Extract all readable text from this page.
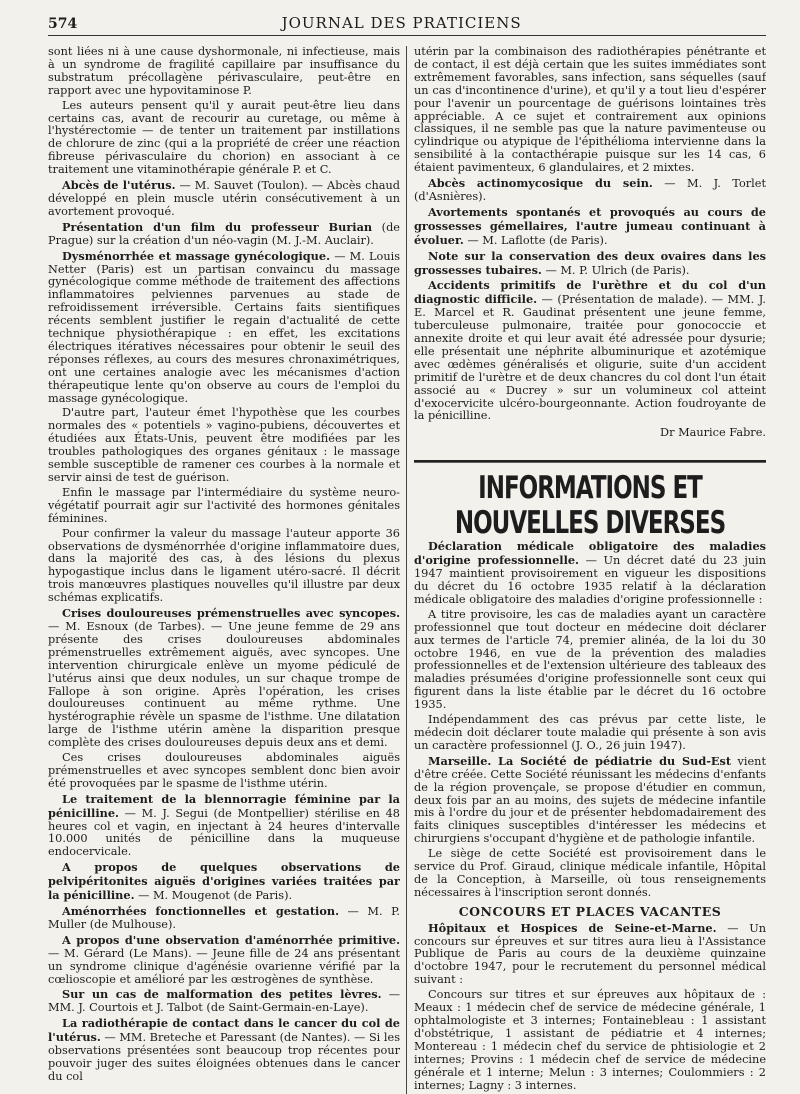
574	JOURNAL DES PRATICIENS

sont liées ni à une cause dyshormonale, ni infectieuse, mais à un syndrome de fragilité capillaire par insuffisance du substratum précollagène périvasculaire, peut-être en rapport avec une hypovitaminose P.

Les auteurs pensent qu'il y aurait peut-être lieu dans certains cas, avant de recourir au curetage, ou même à l'hystérectomie — de tenter un traitement par instillations de chlorure de zinc (qui a la propriété de créer une réaction fibreuse périvasculaire du chorion) en associant à ce traitement une vitaminothérapie générale P. et C.

Abcès de l'utérus. — M. Sauvet (Toulon). — Abcès chaud développé en plein muscle utérin consécutivement à un avortement provoqué.

Présentation d'un film du professeur Burian (de Prague) sur la création d'un néo-vagin (M. J.-M. Auclair).

Dysménorrhée et massage gynécologique. — M. Louis Netter (Paris) est un partisan convaincu du massage gynécologique comme méthode de traitement des affections inflammatoires pelviennes parvenues au stade de refroidissement irréversible. Certains faits sientifiques récents semblent justifier le regain d'actualité de cette technique physiothérapique : en effet, les excitations électriques itératives nécessaires pour obtenir le seuil des réponses réflexes, au cours des mesures chronaximétriques, ont une certaines analogie avec les mécanismes d'action thérapeutique lente qu'on observe au cours de l'emploi du massage gynécologique.

D'autre part, l'auteur émet l'hypothèse que les courbes normales des « potentiels » vagino-pubiens, découvertes et étudiées aux États-Unis, peuvent être modifiées par les troubles pathologiques des organes génitaux : le massage semble susceptible de ramener ces courbes à la normale et servir ainsi de test de guérison.

Enfin le massage par l'intermédiaire du système neuro-végétatif pourrait agir sur l'activité des hormones génitales féminines.

Pour confirmer la valeur du massage l'auteur apporte 36 observations de dysménorrhée d'origine inflammatoire dues, dans la majorité des cas, à des lésions du plexus hypogastique inclus dans le ligament utéro-sacré. Il décrit trois manœuvres plastiques nouvelles qu'il illustre par deux schémas explicatifs.

Crises douloureuses prémenstruelles avec syncopes. — M. Esnoux (de Tarbes). — Une jeune femme de 29 ans présente des crises douloureuses abdominales prémenstruelles extrêmement aiguës, avec syncopes. Une intervention chirurgicale enlève un myome pédiculé de l'utérus ainsi que deux nodules, un sur chaque trompe de Fallope à son origine. Après l'opération, les crises douloureuses continuent au même rythme. Une hystérographie révèle un spasme de l'isthme. Une dilatation large de l'isthme utérin amène la disparition presque complète des crises douloureuses depuis deux ans et demi.

Ces crises douloureuses abdominales aiguës prémenstruelles et avec syncopes semblent donc bien avoir été provoquées par le spasme de l'isthme utérin.

Le traitement de la blennorragie féminine par la pénicilline. — M. J. Segui (de Montpellier) stérilise en 48 heures col et vagin, en injectant à 24 heures d'intervalle 10.000 unités de pénicilline dans la muqueuse endocervicale.

A propos de quelques observations de pelvipéritonites aiguës d'origines variées traitées par la pénicilline. — M. Mougenot (de Paris).

Aménorrhées fonctionnelles et gestation. — M. P. Muller (de Mulhouse).

A propos d'une observation d'aménorrhée primitive. — M. Gérard (Le Mans). — Jeune fille de 24 ans présentant un syndrome clinique d'agénésie ovarienne vérifié par la cœlioscopie et amélioré par les œstrogènes de synthèse.

Sur un cas de malformation des petites lèvres. — MM. J. Courtois et J. Talbot (de Saint-Germain-en-Laye).

La radiothérapie de contact dans le cancer du col de l'utérus. — MM. Breteche et Paressant (de Nantes). — Si les observations présentées sont beaucoup trop récentes pour pouvoir juger des suites éloignées obtenues dans le cancer du col

utérin par la combinaison des radiothérapies pénétrante et de contact, il est déjà certain que les suites immédiates sont extrêmement favorables, sans infection, sans séquelles (sauf un cas d'incontinence d'urine), et qu'il y a tout lieu d'espérer pour l'avenir un pourcentage de guérisons lointaines très appréciable. A ce sujet et contrairement aux opinions classiques, il ne semble pas que la nature pavimenteuse ou cylindrique ou atypique de l'épithélioma intervienne dans la sensibilité à la contacthérapie puisque sur les 14 cas, 6 étaient pavimenteux, 6 glandulaires, et 2 mixtes.

Abcès actinomycosique du sein. — M. J. Torlet (d'Asnières).

Avortements spontanés et provoqués au cours de grossesses gémellaires, l'autre jumeau continuant à évoluer. — M. Laflotte (de Paris).

Note sur la conservation des deux ovaires dans les grossesses tubaires. — M. P. Ulrich (de Paris).

Accidents primitifs de l'urèthre et du col d'un diagnostic difficile. — (Présentation de malade). — MM. J. E. Marcel et R. Gaudinat présentent une jeune femme, tuberculeuse pulmonaire, traitée pour gonococcie et annexite droite et qui leur avait été adressée pour dysurie; elle présentait une néphrite albuminurique et azotémique avec œdèmes généralisés et oligurie, suite d'un accident primitif de l'urètre et de deux chancres du col dont l'un était associé au « Ducrey » sur un volumineux col atteint d'exocervicite ulcéro-bourgeonnante. Action foudroyante de la pénicilline.

Dr Maurice Fabre.
INFORMATIONS ET NOUVELLES DIVERSES

Déclaration médicale obligatoire des maladies d'origine professionnelle. — Un décret daté du 23 juin 1947 maintient provisoirement en vigueur les dispositions du décret du 16 octobre 1935 relatif à la déclaration médicale obligatoire des maladies d'origine professionnelle :

A titre provisoire, les cas de maladies ayant un caractère professionnel que tout docteur en médecine doit déclarer aux termes de l'article 74, premier alinéa, de la loi du 30 octobre 1946, en vue de la prévention des maladies professionnelles et de l'extension ultérieure des tableaux des maladies présumées d'origine professionnelle sont ceux qui figurent dans la liste établie par le décret du 16 octobre 1935.

Indépendamment des cas prévus par cette liste, le médecin doit déclarer toute maladie qui présente à son avis un caractère professionnel (J. O., 26 juin 1947).

Marseille. La Société de pédiatrie du Sud-Est vient d'être créée. Cette Société réunissant les médecins d'enfants de la région provençale, se propose d'étudier en commun, deux fois par an au moins, des sujets de médecine infantile mis à l'ordre du jour et de présenter hebdomadairement des faits cliniques susceptibles d'intéresser les médecins et chirurgiens s'occupant d'hygiène et de pathologie infantile.

Le siège de cette Société est provisoirement dans le service du Prof. Giraud, clinique médicale infantile, Hôpital de la Conception, à Marseille, où tous renseignements nécessaires à l'inscription seront donnés.

CONCOURS ET PLACES VACANTES

Hôpitaux et Hospices de Seine-et-Marne. — Un concours sur épreuves et sur titres aura lieu à l'Assistance Publique de Paris au cours de la deuxième quinzaine d'octobre 1947, pour le recrutement du personnel médical suivant :

Concours sur titres et sur épreuves aux hôpitaux de : Meaux : 1 médecin chef de service de médecine générale, 1 ophtalmologiste et 3 internes; Fontainebleau : 1 assistant d'obstétrique, 1 assistant de pédiatrie et 4 internes; Montereau : 1 médecin chef du service de phtisiologie et 2 internes; Provins : 1 médecin chef de service de médecine générale et 1 interne; Melun : 3 internes; Coulommiers : 2 internes; Lagny : 3 internes.
